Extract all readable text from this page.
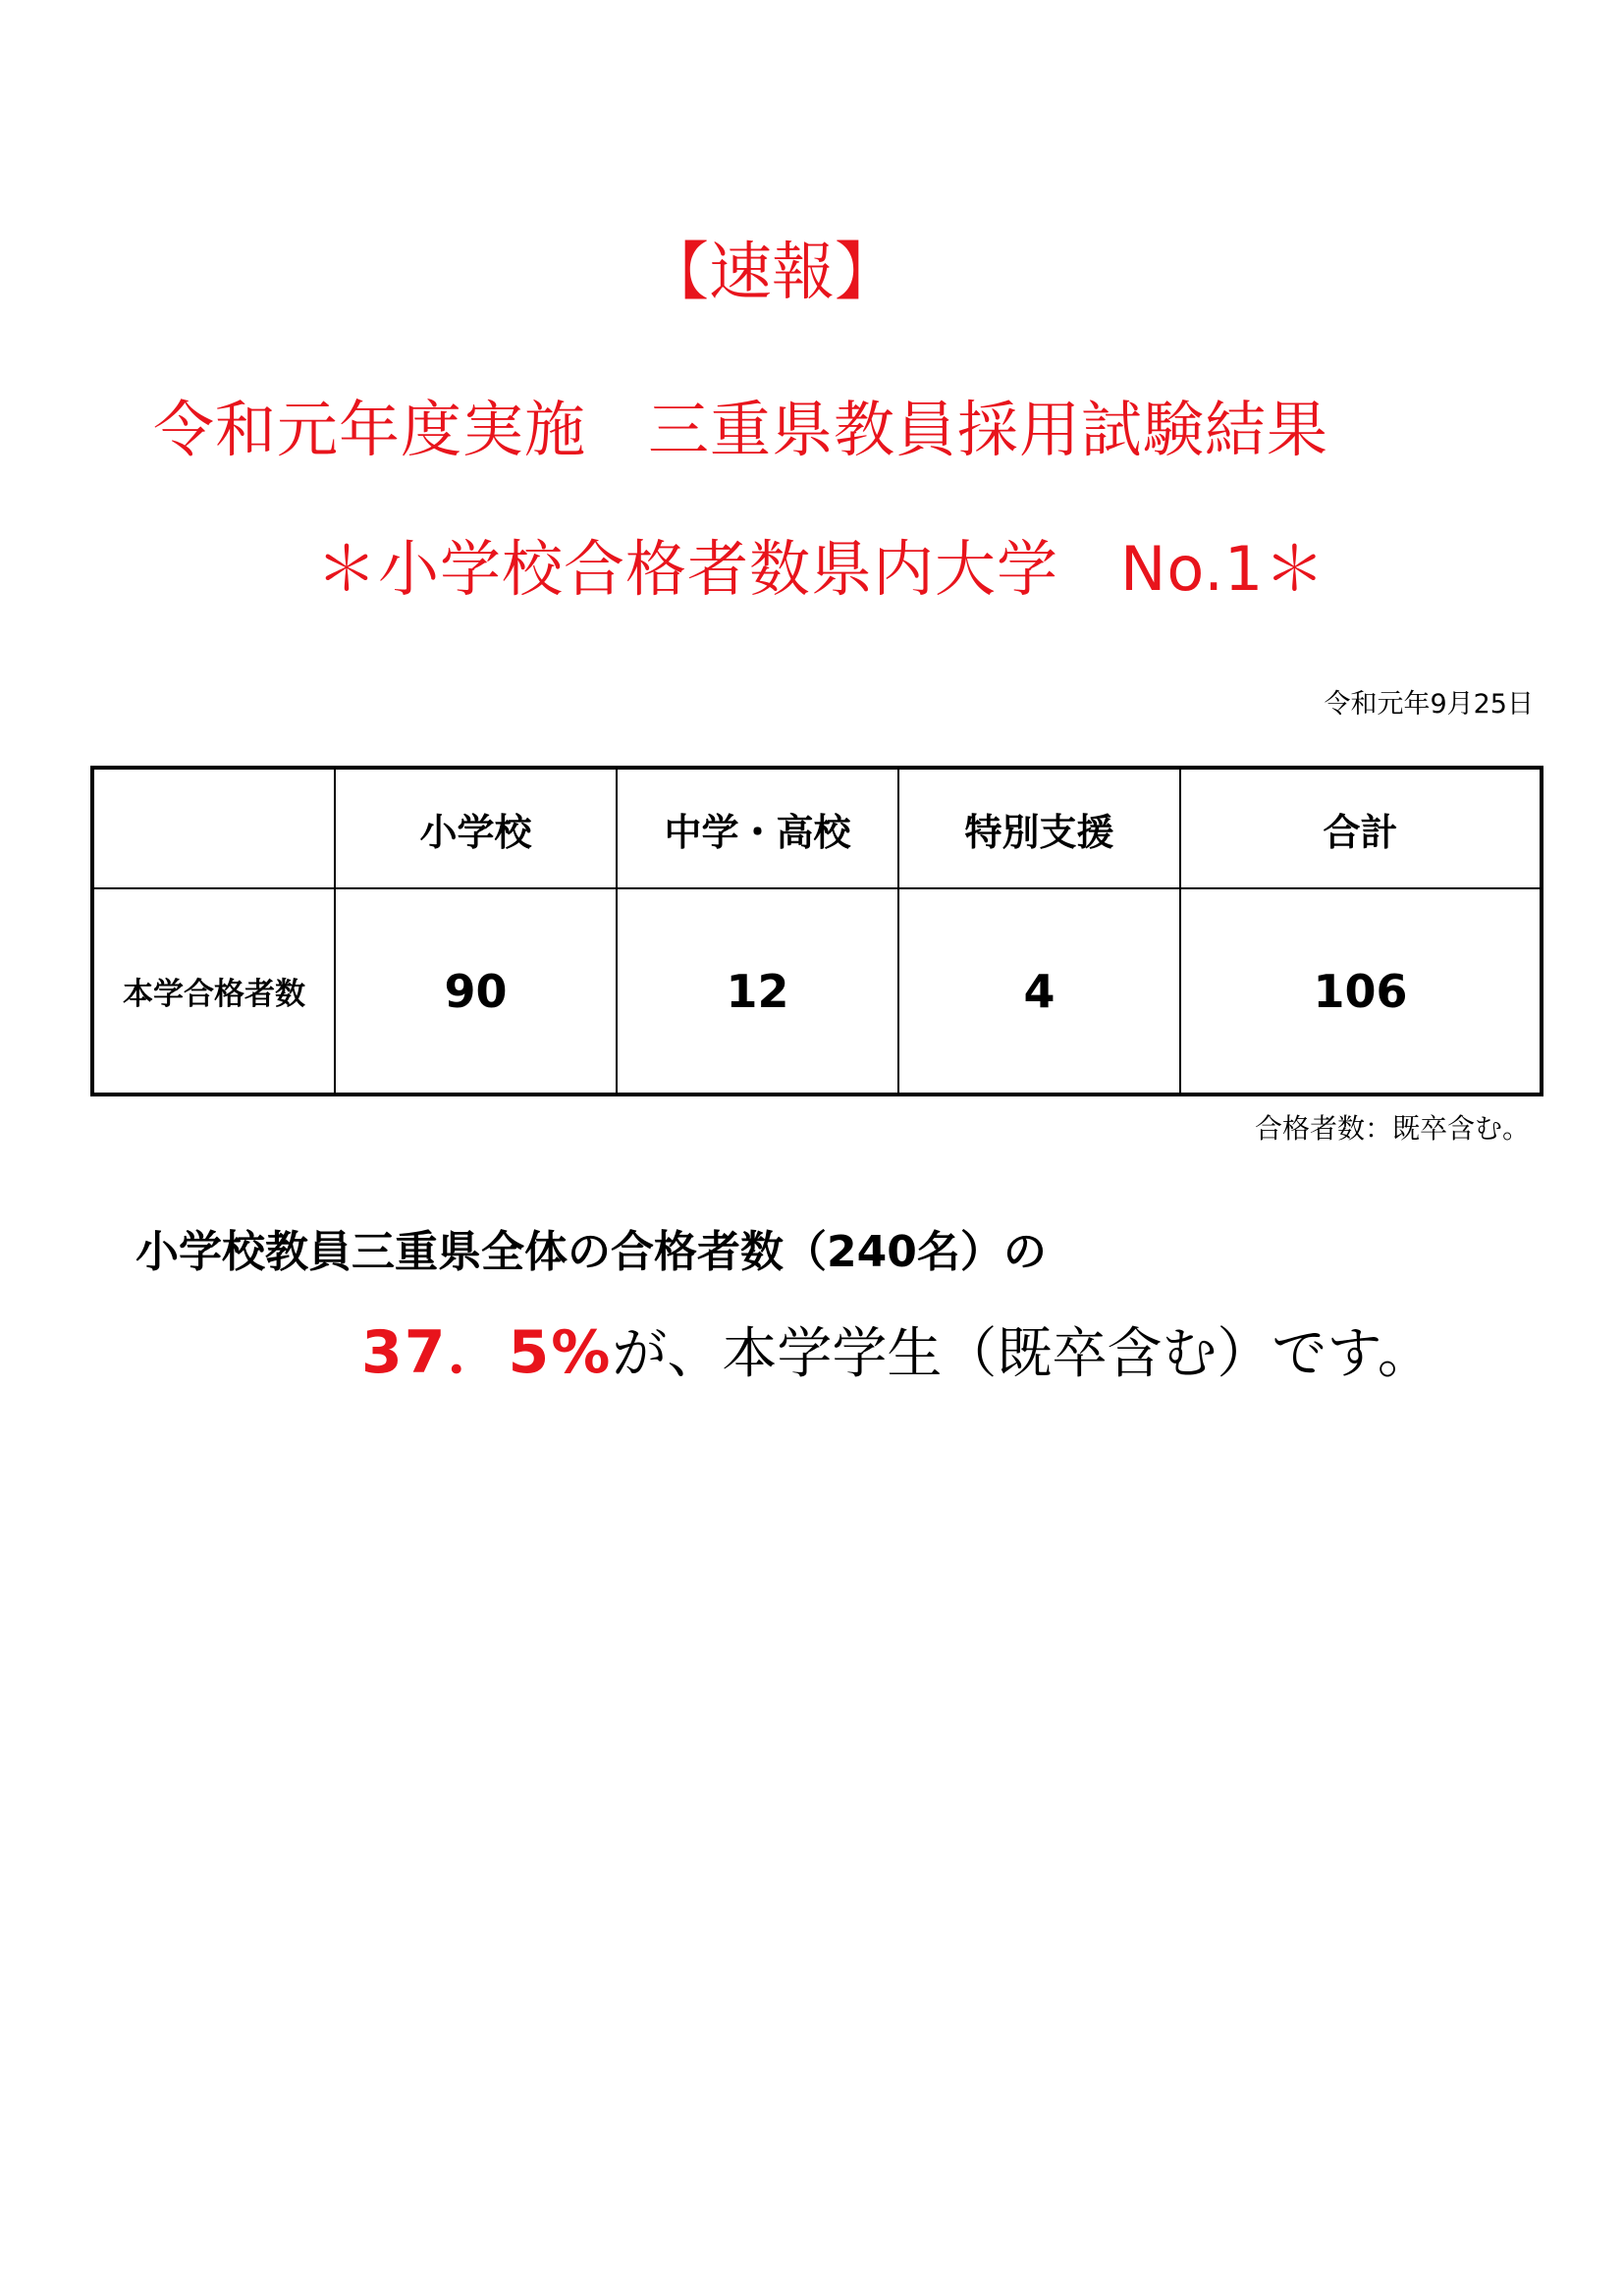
【速報】
令和元年度実施　三重県教員採用試験結果
＊小学校合格者数県内大学　No.1＊
令和元年9月25日
	小学校	中学・高校	特別支援	合計
本学合格者数	90	12	4	106
合格者数：既卒含む。
小学校教員三重県全体の合格者数（240名）の
37．5%が、本学学生（既卒含む）です。
